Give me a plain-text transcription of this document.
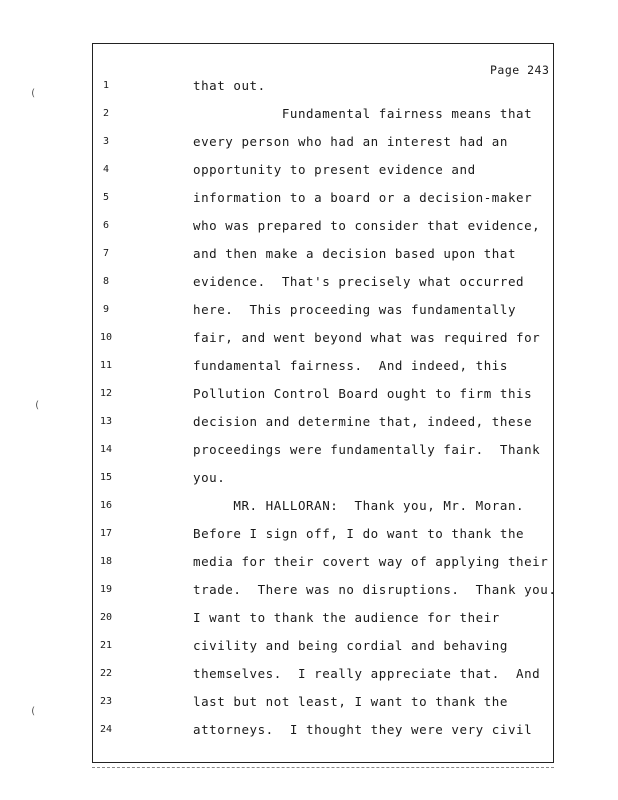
Page 243
1	that out.
2	Fundamental fairness means that
3	every person who had an interest had an
4	opportunity to present evidence and
5	information to a board or a decision-maker
6	who was prepared to consider that evidence,
7	and then make a decision based upon that
8	evidence.  That's precisely what occurred
9	here.  This proceeding was fundamentally
10	fair, and went beyond what was required for
11	fundamental fairness.  And indeed, this
12	Pollution Control Board ought to firm this
13	decision and determine that, indeed, these
14	proceedings were fundamentally fair.  Thank
15	you.
16	MR. HALLORAN:  Thank you, Mr. Moran.
17	Before I sign off, I do want to thank the
18	media for their covert way of applying their
19	trade.  There was no disruptions.  Thank you.
20	I want to thank the audience for their
21	civility and being cordial and behaving
22	themselves.  I really appreciate that.  And
23	last but not least, I want to thank the
24	attorneys.  I thought they were very civil
(
(
(
